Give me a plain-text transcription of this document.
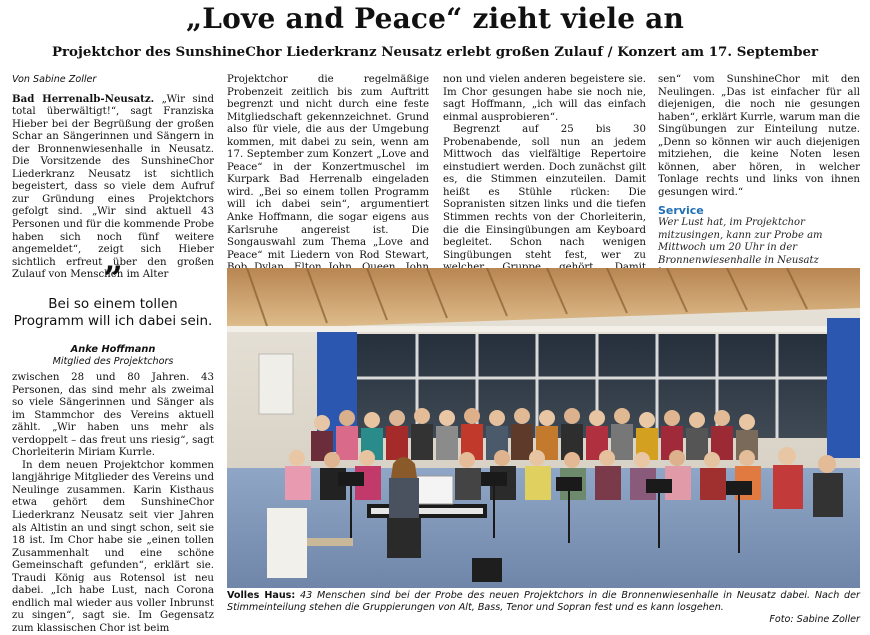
„Love and Peace“ zieht viele an
Projektchor des SunshineChor Liederkranz Neusatz erlebt großen Zulauf / Konzert am 17. September
Von Sabine Zoller

Bad Herrenalb-Neusatz. „Wir sind total überwältigt!“, sagt Franziska Hieber bei der Begrüßung der großen Schar an Sängerinnen und Sängern in der Bronnenwiesenhalle in Neusatz. Die Vorsitzende des SunshineChor Liederkranz Neusatz ist sichtlich begeistert, dass so viele dem Aufruf zur Gründung eines Projektchors gefolgt sind. „Wir sind aktuell 43 Personen und für die kommende Probe haben sich noch fünf weitere angemeldet“, zeigt sich Hieber sichtlich erfreut über den großen Zulauf von Menschen im Alter

”
Bei so einem tollen Programm will ich dabei sein.
Anke Hoffmann
Mitglied des Projektchors

zwischen 28 und 80 Jahren. 43 Personen, das sind mehr als zweimal so viele Sängerinnen und Sänger als im Stammchor des Vereins aktuell zählt. „Wir haben uns mehr als verdoppelt – das freut uns riesig“, sagt Chorleiterin Miriam Kurrle.

In dem neuen Projektchor kommen langjährige Mitglieder des Vereins und Neulinge zusammen. Karin Kisthaus etwa gehört dem SunshineChor Liederkranz Neusatz seit vier Jahren als Altistin an und singt schon, seit sie 18 ist. Im Chor habe sie „einen tollen Zusammenhalt und eine schöne Gemeinschaft gefunden“, erklärt sie. Traudi König aus Rotensol ist neu dabei. „Ich habe Lust, nach Corona endlich mal wieder aus voller Inbrunst zu singen“, sagt sie. Im Gegensatz zum klassischen Chor ist beim

Projektchor die regelmäßige Probenzeit zeitlich bis zum Auftritt begrenzt und nicht durch eine feste Mitgliedschaft gekennzeichnet. Grund also für viele, die aus der Umgebung kommen, mit dabei zu sein, wenn am 17. September zum Konzert „Love and Peace“ in der Konzertmuschel im Kurpark Bad Herrenalb eingeladen wird. „Bei so einem tollen Programm will ich dabei sein“, argumentiert Anke Hoffmann, die sogar eigens aus Karlsruhe angereist ist. Die Songauswahl zum Thema „Love and Peace“ mit Liedern von Rod Stewart,

non und vielen anderen begeistere sie. Im Chor gesungen habe sie noch nie, sagt Hoffmann, „ich will das einfach einmal ausprobieren“.

Begrenzt auf 25 bis 30 Probenabende, soll nun an jedem Mittwoch das vielfältige Repertoire einstudiert werden. Doch zunächst gilt es, die Stimmen einzuteilen. Damit heißt es Stühle rücken: Die Sopranisten sitzen links und die tiefen Stimmen rechts von der Chorleiterin, die die Einsingübungen am Keyboard begleitet. Schon nach wenigen Singübungen steht fest, wer zu

sen“ vom SunshineChor mit den Neulingen. „Das ist einfacher für all diejenigen, die noch nie gesungen haben“, erklärt Kurrle, warum man die Singübungen zur Einteilung nutze. „Denn so können wir auch diejenigen mitziehen, die keine Noten lesen können, aber hören, in welcher Tonlage rechts und links von ihnen gesungen wird.“

Service
Wer Lust hat, im Projektchor mitzusingen, kann zur Probe am Mittwoch um 20 Uhr in der Bronnenwiesenhalle in Neusatz
Volles Haus: 43 Menschen sind bei der Probe des neuen Projektchors in die Bronnenwiesenhalle in Neusatz dabei. Nach der Stimmeinteilung stehen die Gruppierungen von Alt, Bass, Tenor und Sopran fest und es kann losgehen.
Foto: Sabine Zoller
